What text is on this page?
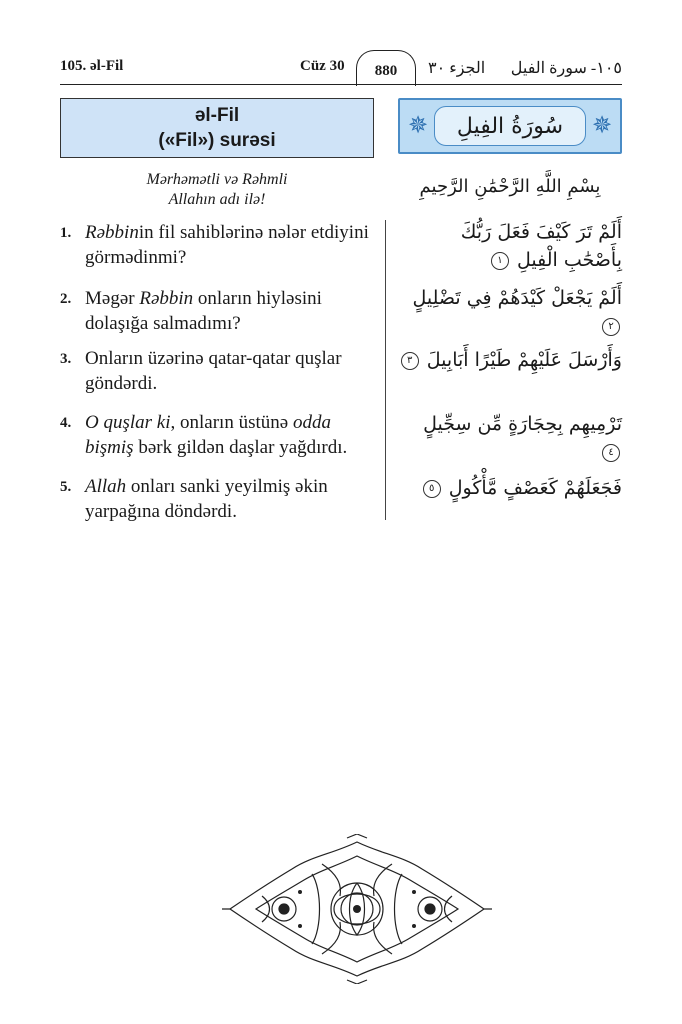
105. əl-Fil	Cüz 30	880	الجزء ٣٠ ١٠٥- سورة الفيل
əl-Fil
(«Fil») surəsi
✵	سُورَةُ الفِيلِ	✵
Mərhəmətli və Rəhmli
Allahın adı ilə!
بِسْمِ اللَّهِ الرَّحْمَٰنِ الرَّحِيمِ
1. Rəbbinin fil sahiblərinə nələr etdiyini görmədinmi?
2. Məgər Rəbbin onların hiyləsini dolaşığa salmadımı?
3. Onların üzərinə qatar-qatar quşlar göndərdi.
4. O quşlar ki, onların üstünə odda bişmiş bərk gildən daşlar yağdırdı.
5. Allah onları sanki yeyilmiş əkin yarpağına döndərdi.
أَلَمْ تَرَ كَيْفَ فَعَلَ رَبُّكَ بِأَصْحَٰبِ الْفِيلِ ١
أَلَمْ يَجْعَلْ كَيْدَهُمْ فِي تَضْلِيلٍ ٢
وَأَرْسَلَ عَلَيْهِمْ طَيْرًا أَبَابِيلَ ٣
تَرْمِيهِم بِحِجَارَةٍ مِّن سِجِّيلٍ ٤
فَجَعَلَهُمْ كَعَصْفٍ مَّأْكُولٍ ٥
